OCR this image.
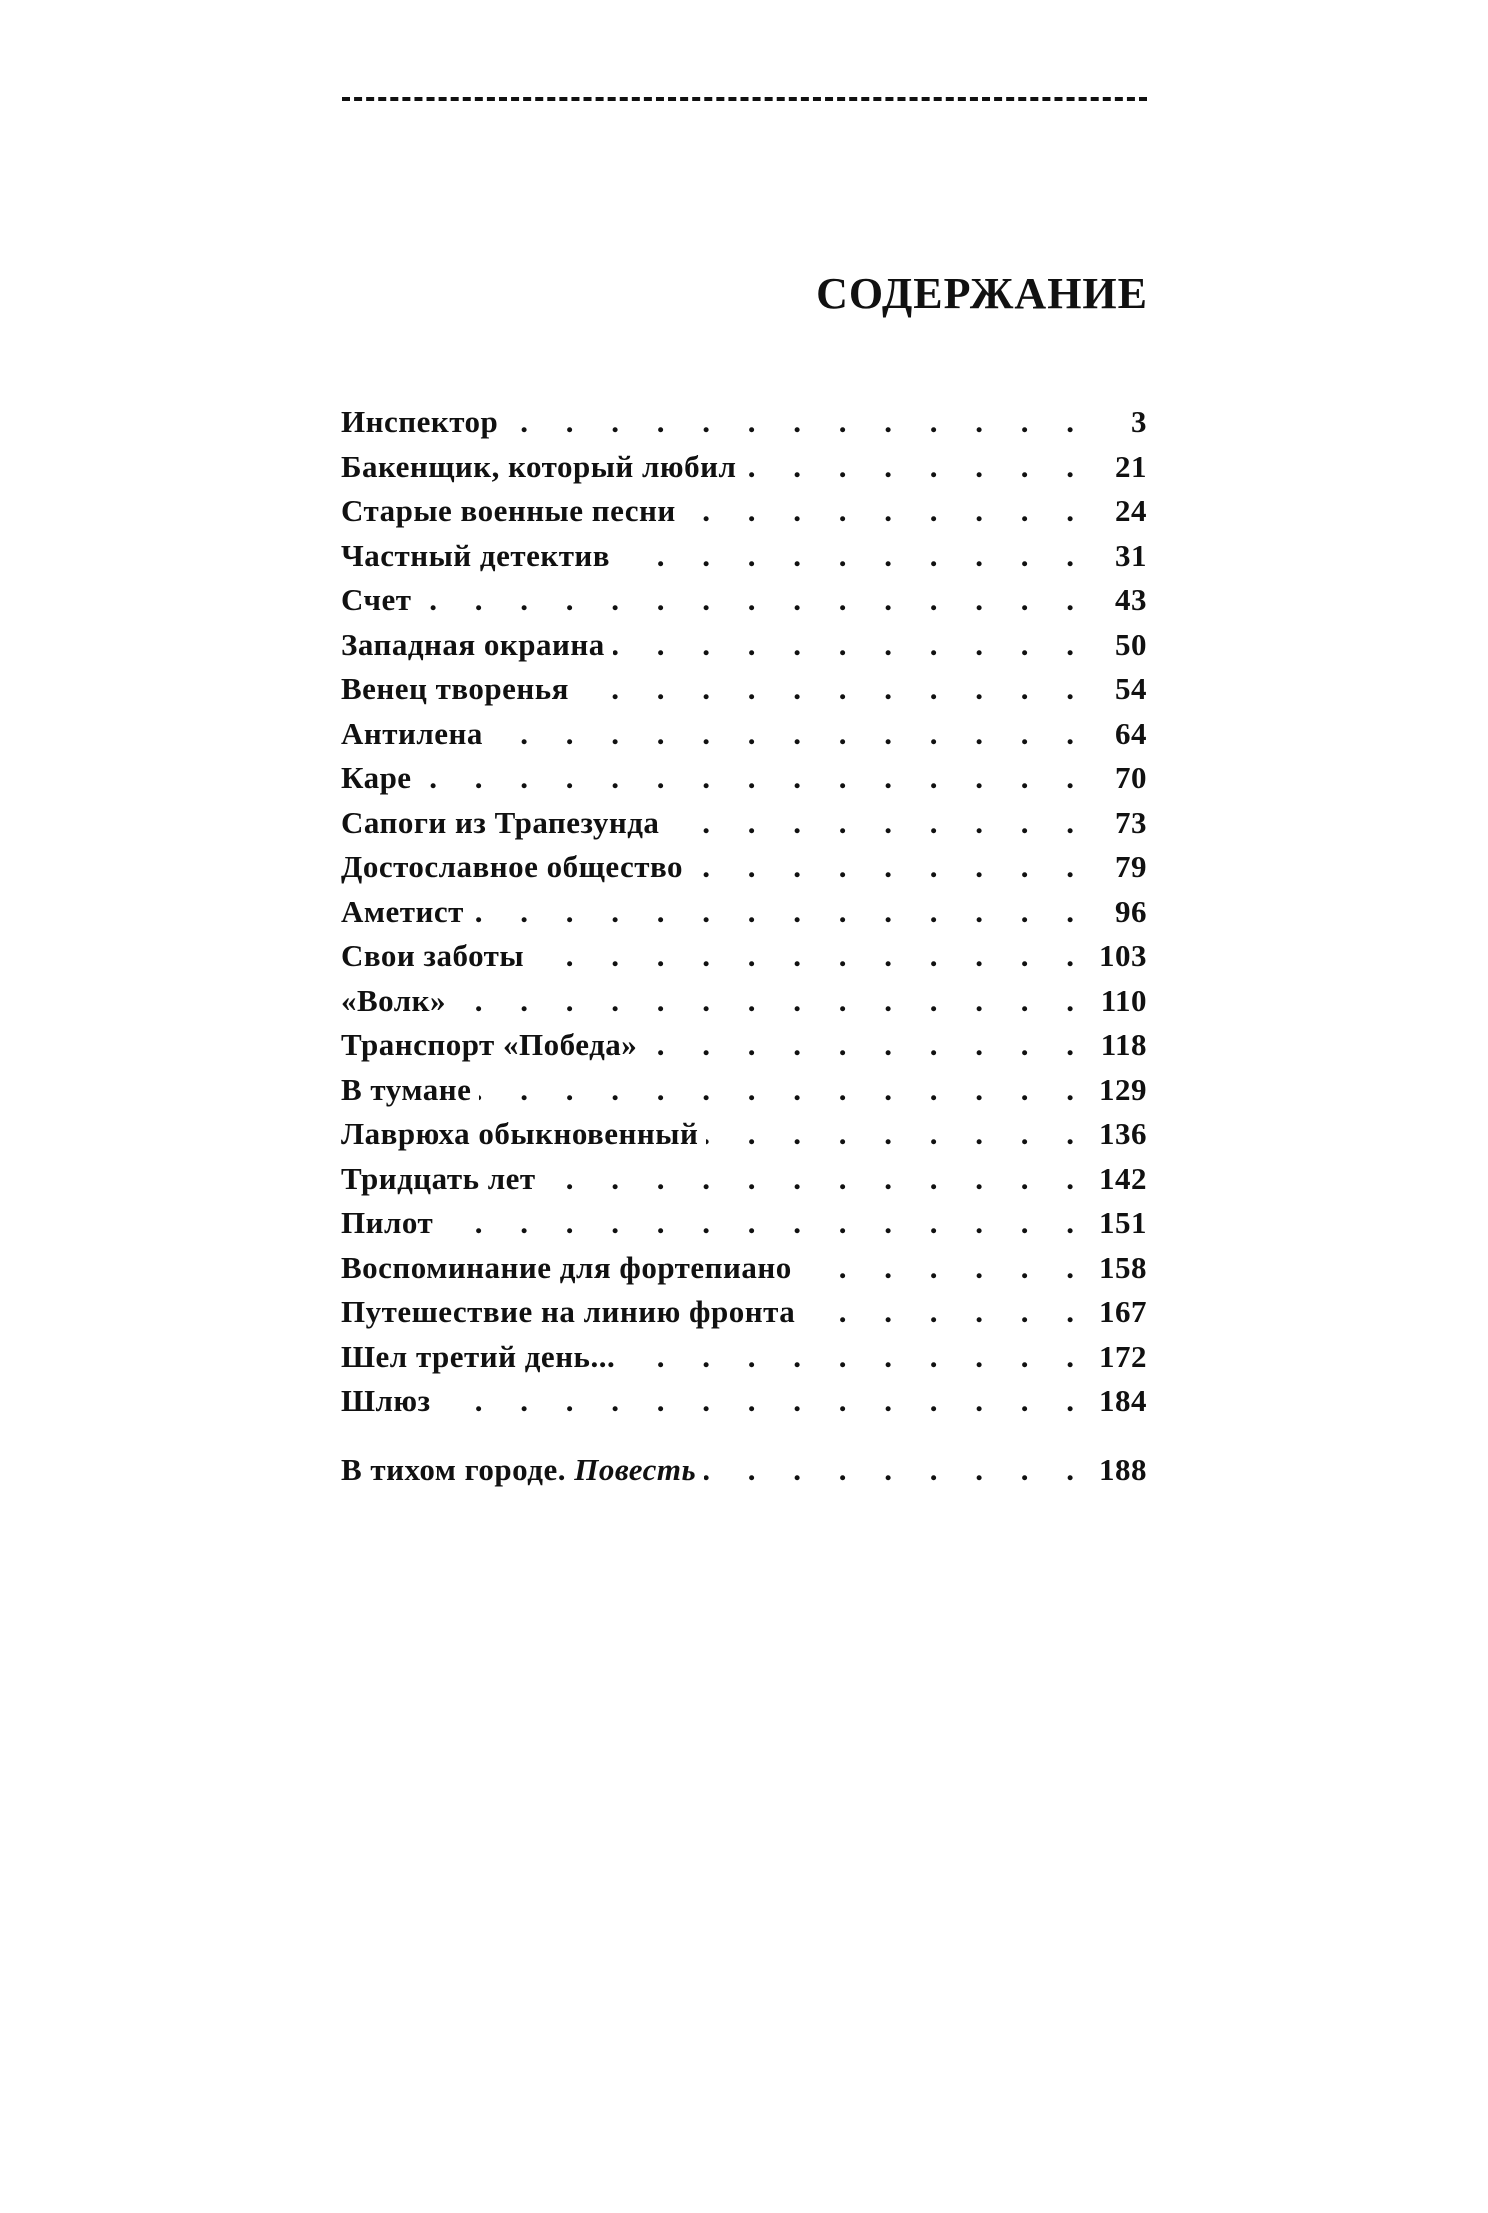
СОДЕРЖАНИЕ
Инспектор . . .	3
Бакенщик, который любил . . .	21
Старые военные песни . . .	24
Частный детектив . . .	31
Счет . . .	43
Западная окраина . . .	50
Венец творенья . . .	54
Антилена . . .	64
Каре . . .	70
Сапоги из Трапезунда . . .	73
Достославное общество . . .	79
Аметист . . .	96
Свои заботы . . .	103
«Волк» . . .	110
Транспорт «Победа» . . .	118
В тумане . . .	129
Лаврюха обыкновенный . . .	136
Тридцать лет . . .	142
Пилот . . .	151
Воспоминание для фортепиано . . .	158
Путешествие на линию фронта . . .	167
Шел третий день... . . .	172
Шлюз . . .	184
В тихом городе. Повесть . . .	188
